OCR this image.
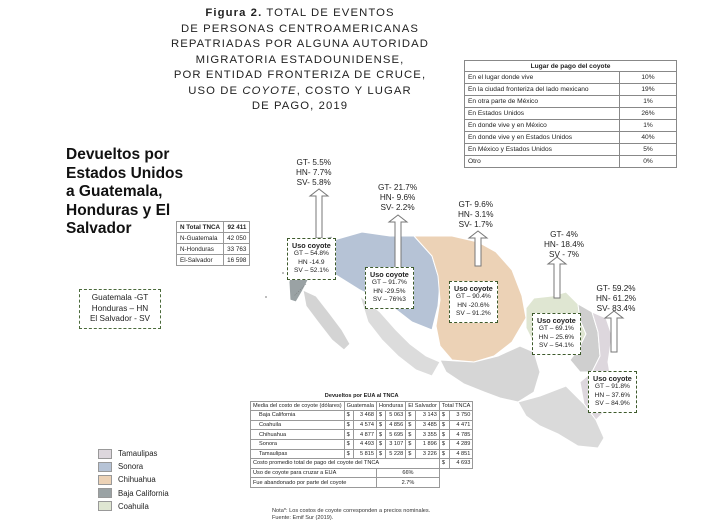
Figura 2. TOTAL DE EVENTOS
DE PERSONAS CENTROAMERICANAS
REPATRIADAS POR ALGUNA AUTORIDAD
MIGRATORIA ESTADOUNIDENSE,
POR ENTIDAD FRONTERIZA DE CRUCE,
USO DE COYOTE, COSTO Y LUGAR
DE PAGO, 2019
Devueltos por Estados Unidos a Guatemala, Honduras y El Salvador	N Total TNCA	92 411
N-Guatemala	42 050
N-Honduras	33 763
El-Salvador	16 598
Guatemala -GT
Honduras – HN
El Salvador - SV
Lugar de pago del coyote	
En el lugar donde vive	10%
En la ciudad fronteriza del lado mexicano	19%
En otra parte de México	1%
En Estados Unidos	26%
En donde vive y en México	1%
En donde vive y en Estados Unidos	40%
En México y Estados Unidos	5%
Otro	0%
GT- 5.5%
HN- 7.7%
SV- 5.8%
GT- 21.7%
HN- 9.6%
SV- 2.2%	GT- 9.6%
HN- 3.1%
SV- 1.7%
GT- 4%
HN- 18.4%
SV - 7%
GT- 59.2%
HN- 61.2%
SV- 83.4%
Uso coyote
GT – 54.8%
HN -14.9
SV – 52.1%	Uso coyote
GT – 91.7%
HN -29.5%
SV – 76%3
Uso coyote
GT – 90.4%
HN -20.6%
SV – 91.2%
Uso coyote
GT – 69.1%
HN – 25.6%
SV – 54.1%
Uso coyote
GT – 91.8%
HN – 37.6%
SV – 84.9%
Devueltos por EUA al TNCA								
Media del costo de coyote (dólares)	Guatemala		Honduras		El Salvador		Total TNCA	
Baja California	$	3 468	$	5 063	$	3 143	$	3 750
Coahuila	$	4 574	$	4 856	$	3 485	$	4 471
Chihuahua	$	4 877	$	5 695	$	3 355	$	4 785
Sonora	$	4 493	$	3 107	$	1 896	$	4 289
Tamaulipas	$	5 815	$	5 228	$	3 226	$	4 851
Costo promedio total de pago del coyote del TNCA							$	4 693
Uso de coyote para cruzar a EUA			66%					
Fue abandonado por parte del coyote			2.7%					
Tamaulipas
Sonora
Chihuahua
Baja California
Coahuila
Nota*: Los costos de coyote corresponden a precios nominales.
Fuente: Emif Sur (2019).
